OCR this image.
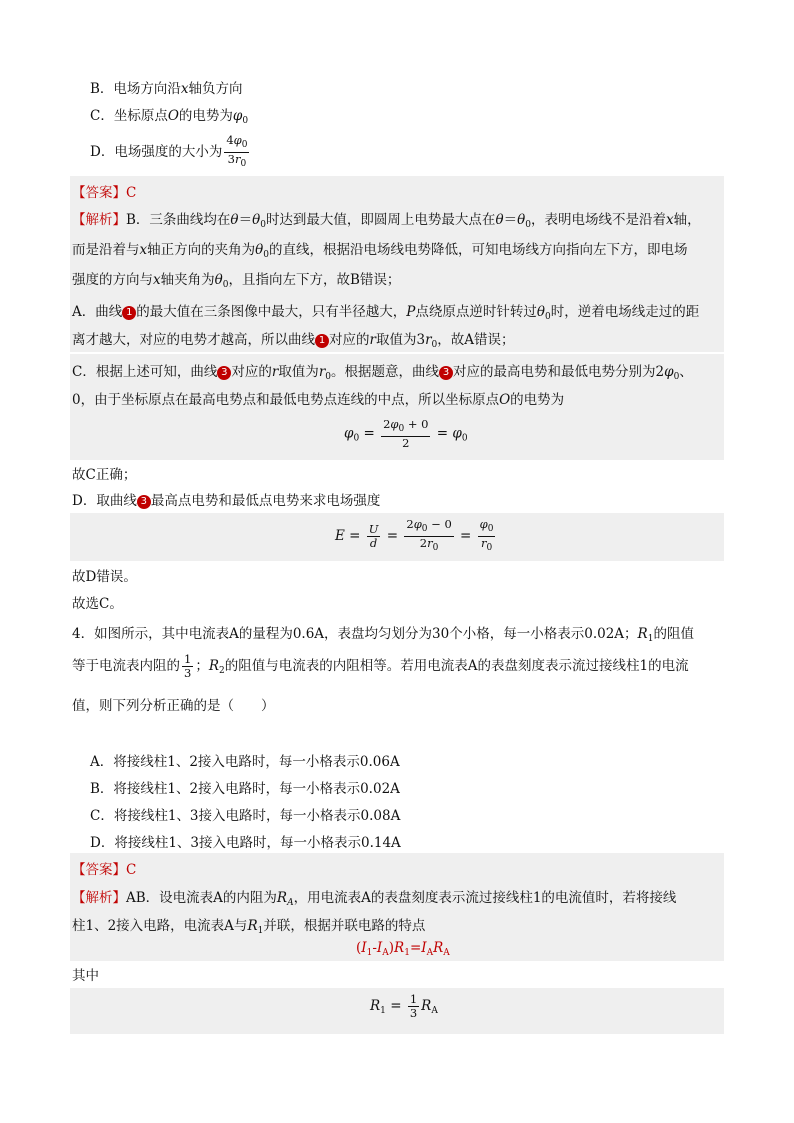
B．电场方向沿x轴负方向
C．坐标原点O的电势为$\varphi_0$
D．电场强度的大小为 $\frac{4\varphi_0}{3r_0}$
【答案】C
【解析】B．三条曲线均在$\theta=\theta_0$时达到最大值，即圆周上电势最大点在$\theta=\theta_0$，表明电场线不是沿着x轴，
而是沿着与x轴正方向的夹角为$\theta_0$的直线，根据沿电场线电势降低，可知电场线方向指向左下方，即电场
强度的方向与x轴夹角为$\theta_0$，且指向左下方，故B错误；
A．曲线 1 的最大值在三条图像中最大，只有半径越大，P点绕原点逆时针转过$\theta_0$时，逆着电场线走过的距
离才越大，对应的电势才越高，所以曲线 1 对应的r取值为$3r_0$，故A错误；
C．根据上述可知，曲线 3 对应的r取值为$r_0$。根据题意，曲线 3 对应的最高电势和最低电势分别为$2\varphi_0$、
0，由于坐标原点在最高电势点和最低电势点连线的中点，所以坐标原点O的电势为
$\varphi_0 = \frac{2\varphi_0 + 0}{2} = \varphi_0$
故C正确；
D．取曲线 3 最高点电势和最低点电势来求电场强度
$E = \frac{U}{d} = \frac{2\varphi_0 - 0}{2r_0} = \frac{\varphi_0}{r_0}$
故D错误。
故选C。
4．如图所示，其中电流表A的量程为0.6A，表盘均匀划分为30个小格，每一小格表示0.02A；$R_1$的阻值
等于电流表内阻的 $\frac{1}{3}$ ；$R_2$的阻值与电流表的内阻相等。若用电流表A的表盘刻度表示流过接线柱1的电流
值，则下列分析正确的是（　　）
A．将接线柱1、2接入电路时，每一小格表示0.06A
B．将接线柱1、2接入电路时，每一小格表示0.02A
C．将接线柱1、3接入电路时，每一小格表示0.08A
D．将接线柱1、3接入电路时，每一小格表示0.14A
【答案】C
【解析】AB．设电流表A的内阻为$R_A$，用电流表A的表盘刻度表示流过接线柱1的电流值时，若将接线
柱1、2接入电路，电流表A与$R_1$并联，根据并联电路的特点
$(I_1-I_A)R_1=I_AR_A$
其中
$R_1 = \frac{1}{3} R_A$
